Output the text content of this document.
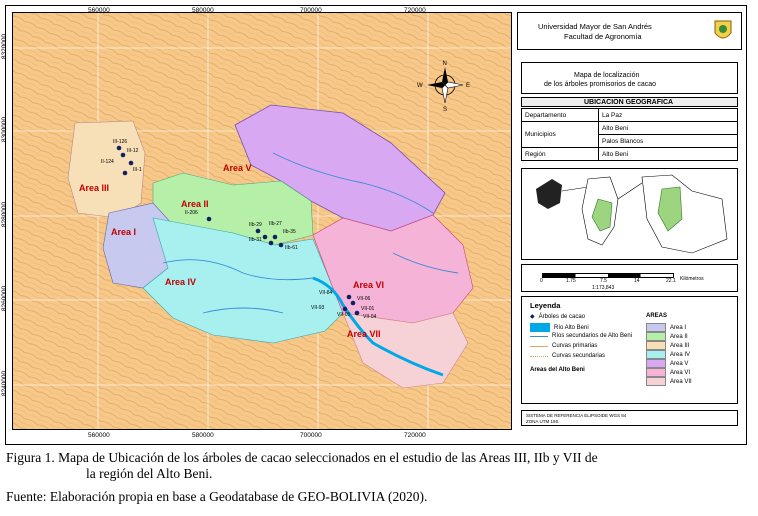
III-126
III-12
II-124
III-1
II-206
IIb-29 IIb-27
IIb-35
IIb-31
IIb-61
VII-84
VII-06
VII-93	VII-01
VII-05	VII-04
Area III
Area II
Area I
Area IV
Area V
Area VI
Area VII
N
S
E
W
560000	580000	700000	720000
560000	580000	700000	720000
Universidad Mayor de San Andrés
Facultad de Agronomía
Mapa de localización
de los árboles promisorios de cacao
UBICACION GEOGRAFICA
Departamento	La Paz
Municipios	Alto Beni
	Palos Blancos
Región	Alto Beni
0	1.75	7.5	14	22.1 Kilómetros
1:173,843
Leyenda
◆ Árboles de cacao
Río Alto Beni
Ríos secundarios de Alto Beni
Curvas primarias
Curvas secundarias
Areas del Alto Beni
AREAS
Area I
Area II
Area III
Area IV
Area V
Area VI
Area VII
SISTEMA DE REFERENCIA ELIPSOIDE WGS 84
ZONA UTM 19S
Figura 1. Mapa de Ubicación de los árboles de cacao seleccionados en el estudio de las Areas III, IIb y VII de
la región del Alto Beni.
Fuente: Elaboración propia en base a Geodatabase de GEO-BOLIVIA (2020).
8320000
8300000
8280000
8260000
8240000
